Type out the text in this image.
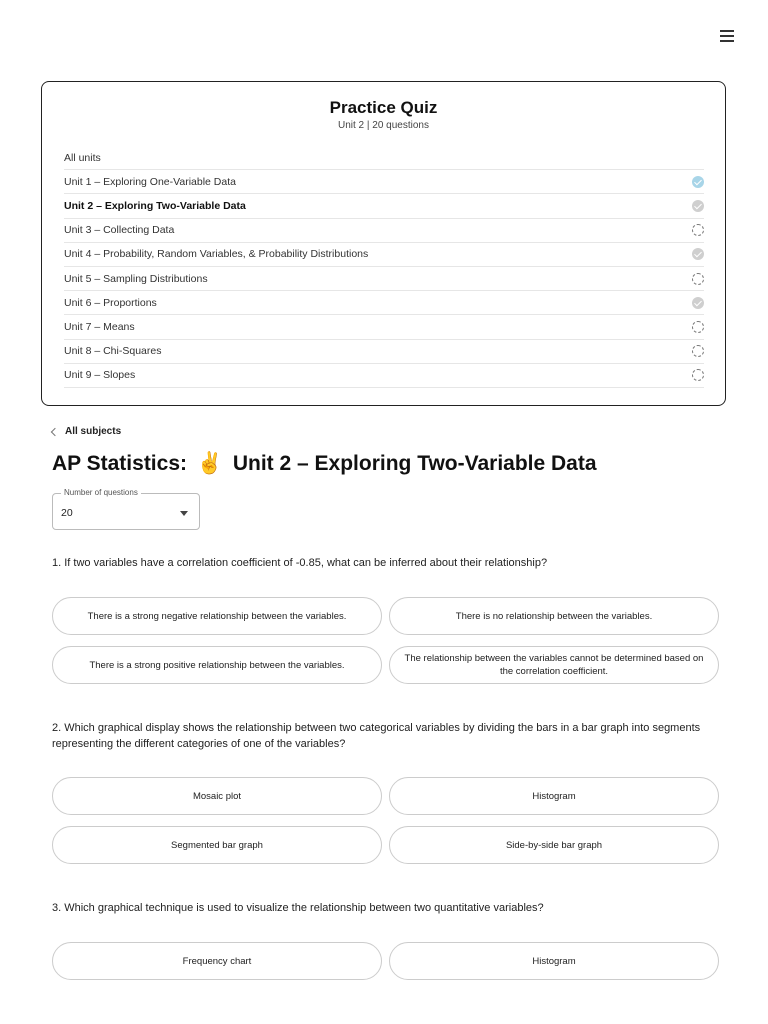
Practice Quiz
Unit 2 | 20 questions
All units
Unit 1 – Exploring One-Variable Data
Unit 2 – Exploring Two-Variable Data
Unit 3 – Collecting Data
Unit 4 – Probability, Random Variables, & Probability Distributions
Unit 5 – Sampling Distributions
Unit 6 – Proportions
Unit 7 – Means
Unit 8 – Chi-Squares
Unit 9 – Slopes
All subjects
AP Statistics: ✌️ Unit 2 – Exploring Two-Variable Data
Number of questions
20
1. If two variables have a correlation coefficient of -0.85, what can be inferred about their relationship?
There is a strong negative relationship between the variables.	There is no relationship between the variables.
There is a strong positive relationship between the variables.
The relationship between the variables cannot be determined based on the correlation coefficient.
2. Which graphical display shows the relationship between two categorical variables by dividing the bars in a bar graph into segments representing the different categories of one of the variables?
Mosaic plot	Histogram
Segmented bar graph	Side-by-side bar graph
3. Which graphical technique is used to visualize the relationship between two quantitative variables?
Frequency chart	Histogram
